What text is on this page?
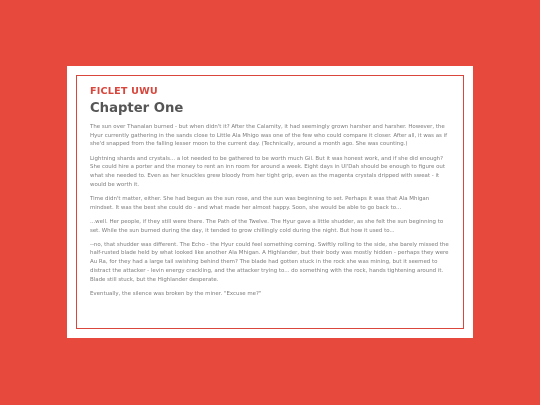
FICLET UWU
Chapter One

The sun over Thanalan burned - but when didn't it? After the Calamity, it had seemingly grown harsher and harsher. However, the Hyur currently gathering in the sands close to Little Ala Mhigo was one of the few who could compare it closer. After all, it was as if she'd snapped from the falling lesser moon to the current day. (Technically, around a month ago. She was counting.)

Lightning shards and crystals... a lot needed to be gathered to be worth much Gil. But it was honest work, and if she did enough? She could hire a porter and the money to rent an inn room for around a week. Eight days in Ul'Dah should be enough to figure out what she needed to. Even as her knuckles grew bloody from her tight grip, even as the magenta crystals dripped with sweat - it would be worth it.

Time didn't matter, either. She had begun as the sun rose, and the sun was beginning to set. Perhaps it was that Ala Mhigan mindset. It was the best she could do - and what made her almost happy. Soon, she would be able to go back to...

...well. Her people, if they still were there. The Path of the Twelve. The Hyur gave a little shudder, as she felt the sun beginning to set. While the sun burned during the day, it tended to grow chillingly cold during the night. But how it used to...

--no, that shudder was different. The Echo - the Hyur could feel something coming. Swiftly rolling to the side, she barely missed the half-rusted blade held by what looked like another Ala Mhigan. A Highlander, but their body was mostly hidden - perhaps they were Au Ra, for they had a large tail swishing behind them? The blade had gotten stuck in the rock she was mining, but it seemed to distract the attacker - levin energy crackling, and the attacker trying to... do something with the rock, hands tightening around it. Blade still stuck, but the Highlander desperate.

Eventually, the silence was broken by the miner. "Excuse me?"
